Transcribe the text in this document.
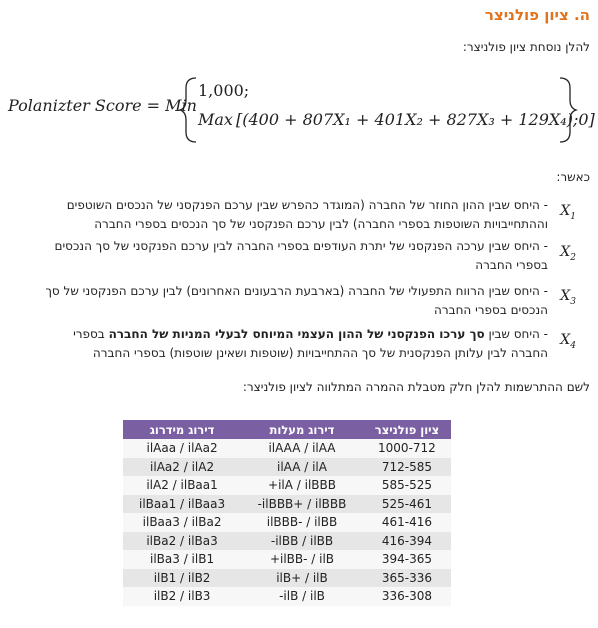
ה. ציון פולניצר
להלן נוסחת ציון פולניצר:
Polanizter Score = Min
1,000;
Max [(400 + 807X₁ + 401X₂ + 827X₃ + 129X₄);0]
כאשר:
$X_1$
- היחס שבין ההון החוזר של החברה (המוגדר כהפרש שבין ערכם הפנקסני של הנכסים השוטפים וההתחייבויות השוטפות בספרי החברה) לבין ערכם הפנקסני של סך הנכסים בספרי החברה
$X_2$
- היחס שבין ערכה הפנקסני של יתרת העודפים בספרי החברה לבין ערכם הפנקסני של סך הנכסים בספרי החברה
$X_3$
- היחס שבין הרווח התפעולי של החברה (בארבעת הרבעונים האחרונים) לבין ערכם הפנקסני של סך הנכסים בספרי החברה
$X_4$
- היחס שבין סך ערכו הפנקסני של ההון העצמי המיוחס לבעלי המניות של החברה בספרי החברה לבין עלותן הפנקסנית של סך ההתחייבויות (שוטפות ושאינן שוטפות) בספרי החברה
לשם ההתרשמות להלן חלק מטבלת ההמרה המתלווה לציון פולניצר:
ציון פולניצר	דירוג מעלות	דירוג מידרוג
1000-712	ilAAA / ilAA	ilAaa / ilAa2
712-585	ilAA / ilA	ilAa2 / ilA2
585-525	ilA / ilBBB+	ilA2 / ilBaa1
525-461	ilBBB+ / ilBBB-	ilBaa1 / ilBaa3
461-416	ilBBB- / ilBB	ilBaa3 / ilBa2
416-394	ilBB / ilBB-	ilBa2 / ilBa3
394-365	ilBB- / ilB+	ilBa3 / ilB1
365-336	ilB+ / ilB	ilB1 / ilB2
336-308	ilB / ilB-	ilB2 / ilB3
